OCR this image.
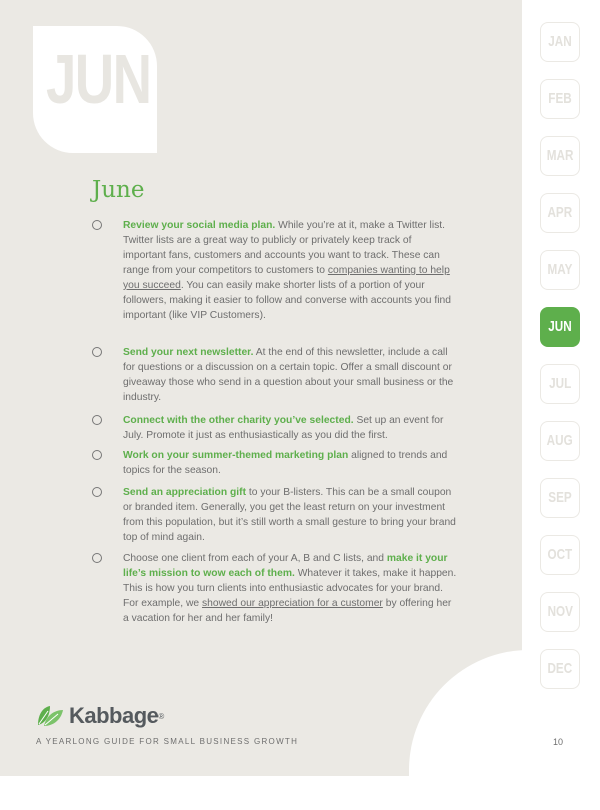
JUN
June
Review your social media plan. While you’re at it, make a Twitter list. Twitter lists are a great way to publicly or privately keep track of important fans, customers and accounts you want to track. These can range from your competitors to customers to companies wanting to help you succeed. You can easily make shorter lists of a portion of your followers, making it easier to follow and converse with accounts you find important (like VIP Customers).
Send your next newsletter. At the end of this newsletter, include a call for questions or a discussion on a certain topic. Offer a small discount or giveaway those who send in a question about your small business or the industry.
Connect with the other charity you’ve selected. Set up an event for July. Promote it just as enthusiastically as you did the first.
Work on your summer-themed marketing plan aligned to trends and topics for the season.
Send an appreciation gift to your B-listers. This can be a small coupon or branded item. Generally, you get the least return on your investment from this population, but it’s still worth a small gesture to bring your brand top of mind again.
Choose one client from each of your A, B and C lists, and make it your life’s mission to wow each of them. Whatever it takes, make it happen. This is how you turn clients into enthusiastic advocates for your brand. For example, we showed our appreciation for a customer by offering her a vacation for her and her family!
JAN
FEB
MAR
APR
MAY
JUN
JUL
AUG
SEP
OCT
NOV
DEC
Kabbage ®

A YEARLONG GUIDE FOR SMALL BUSINESS GROWTH	10
